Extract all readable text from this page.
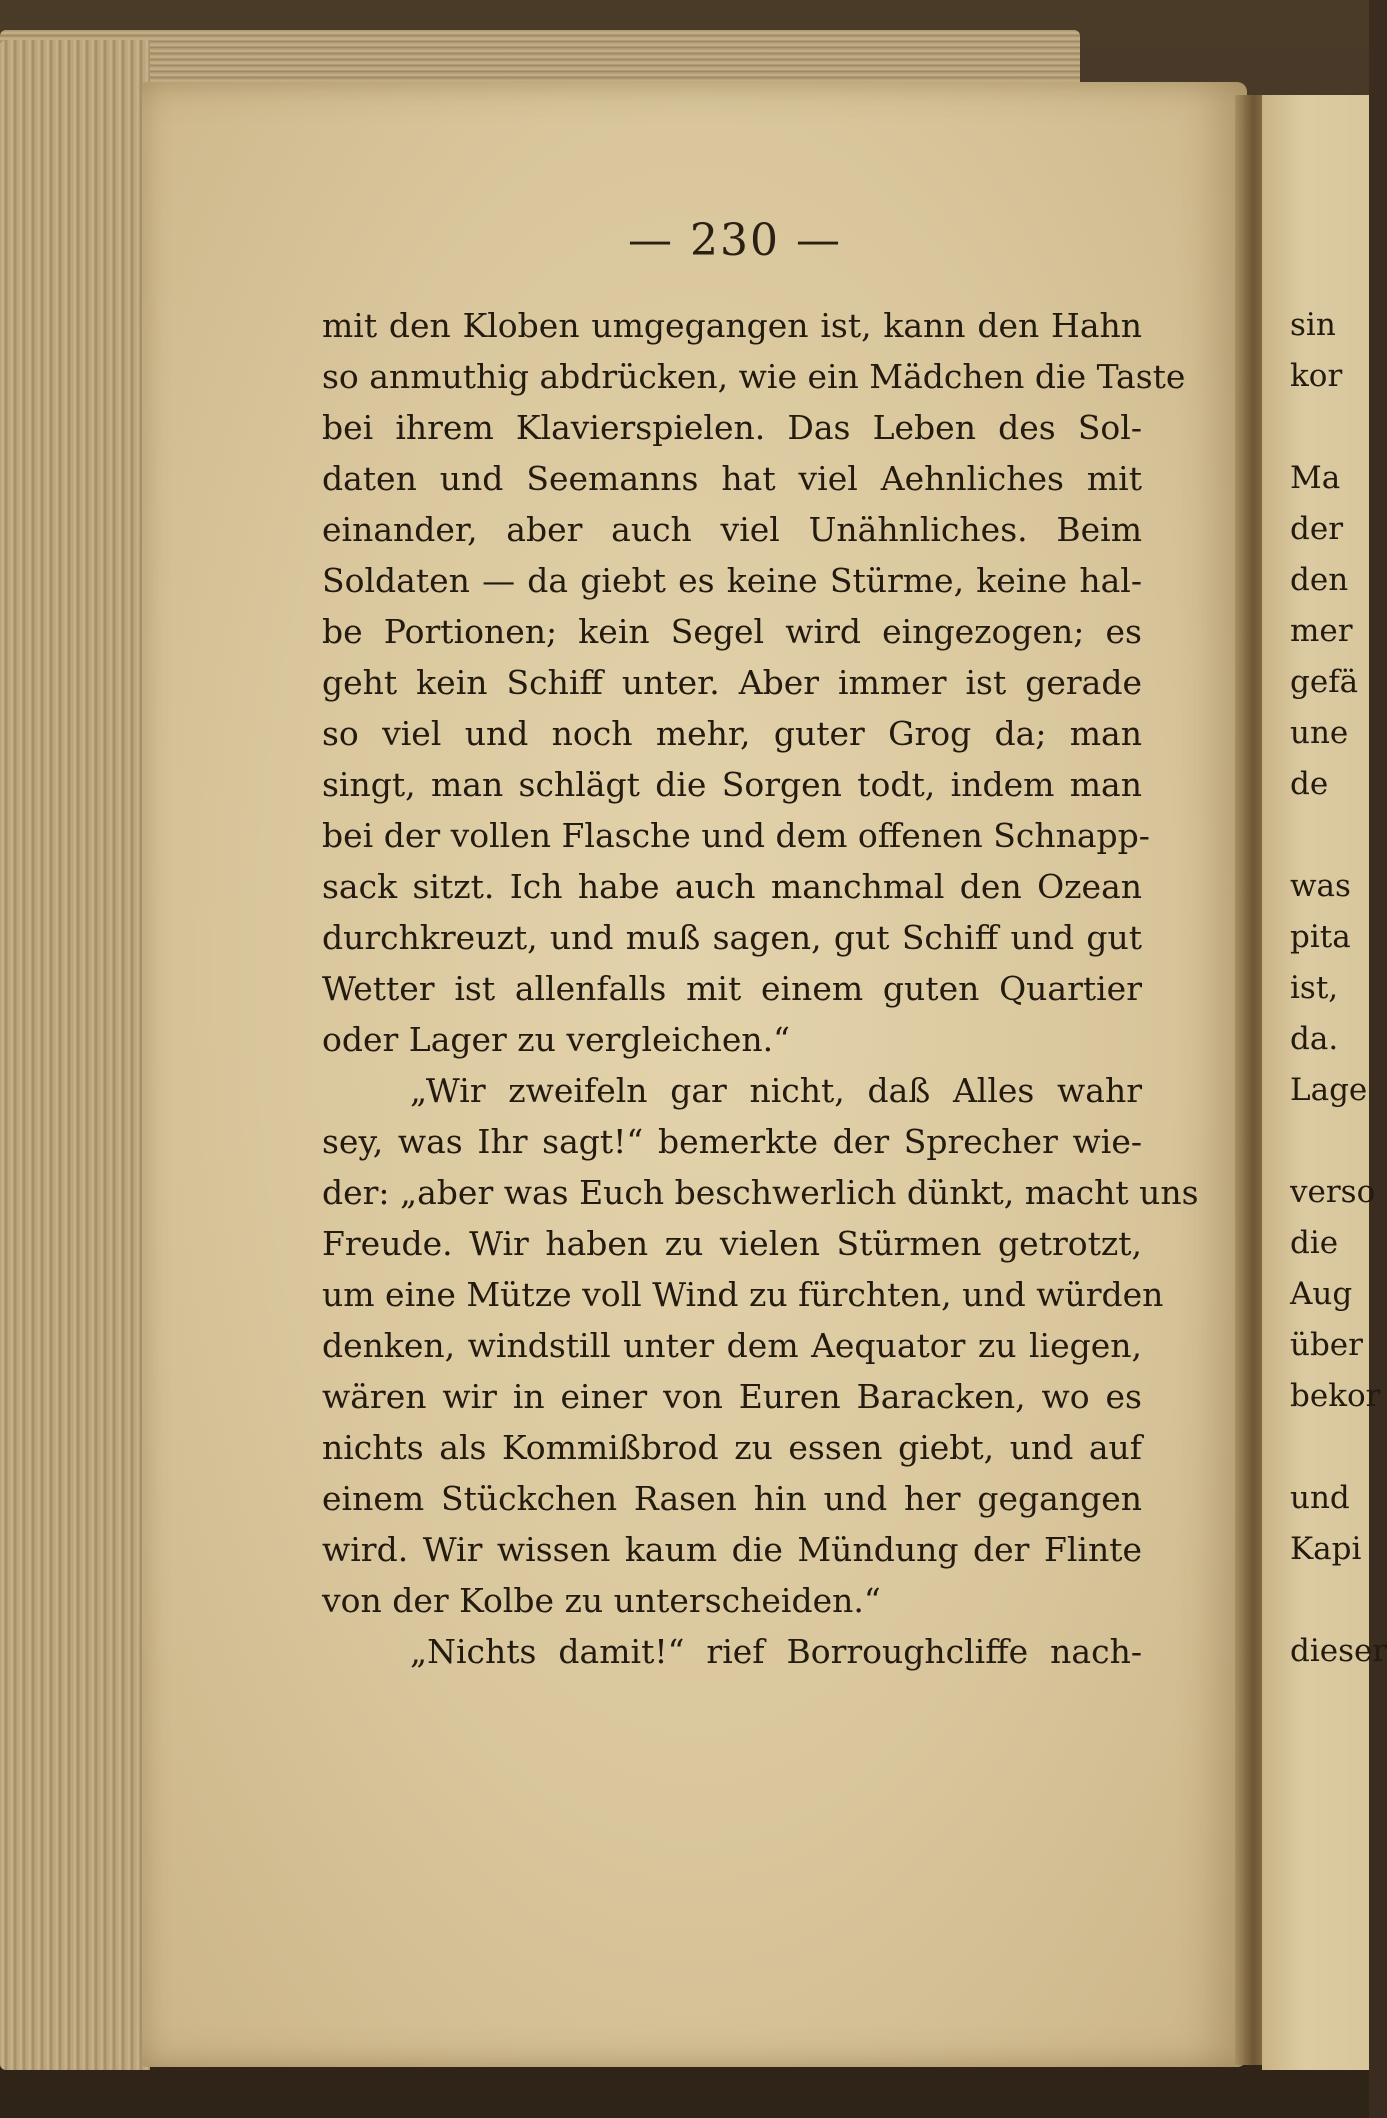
— 230 —
mit den Kloben umgegangen ist, kann den Hahn
so anmuthig abdrücken, wie ein Mädchen die Taste
bei ihrem Klavierspielen. Das Leben des Sol-
daten und Seemanns hat viel Aehnliches mit
einander, aber auch viel Unähnliches. Beim
Soldaten — da giebt es keine Stürme, keine hal-
be Portionen; kein Segel wird eingezogen; es
geht kein Schiff unter. Aber immer ist gerade
so viel und noch mehr, guter Grog da; man
singt, man schlägt die Sorgen todt, indem man
bei der vollen Flasche und dem offenen Schnapp-
sack sitzt. Ich habe auch manchmal den Ozean
durchkreuzt, und muß sagen, gut Schiff und gut
Wetter ist allenfalls mit einem guten Quartier
oder Lager zu vergleichen.“
„Wir zweifeln gar nicht, daß Alles wahr
sey, was Ihr sagt!“ bemerkte der Sprecher wie-
der: „aber was Euch beschwerlich dünkt, macht uns
Freude. Wir haben zu vielen Stürmen getrotzt,
um eine Mütze voll Wind zu fürchten, und würden
denken, windstill unter dem Aequator zu liegen,
wären wir in einer von Euren Baracken, wo es
nichts als Kommißbrod zu essen giebt, und auf
einem Stückchen Rasen hin und her gegangen
wird. Wir wissen kaum die Mündung der Flinte
von der Kolbe zu unterscheiden.“
„Nichts damit!“ rief Borroughcliffe nach-
sin
kor
Ma
der
den
mer
gefä
une
de
was
pita
ist,
da.
Lage
verso
die
Aug
über
bekor
und
Kapi
dieser
